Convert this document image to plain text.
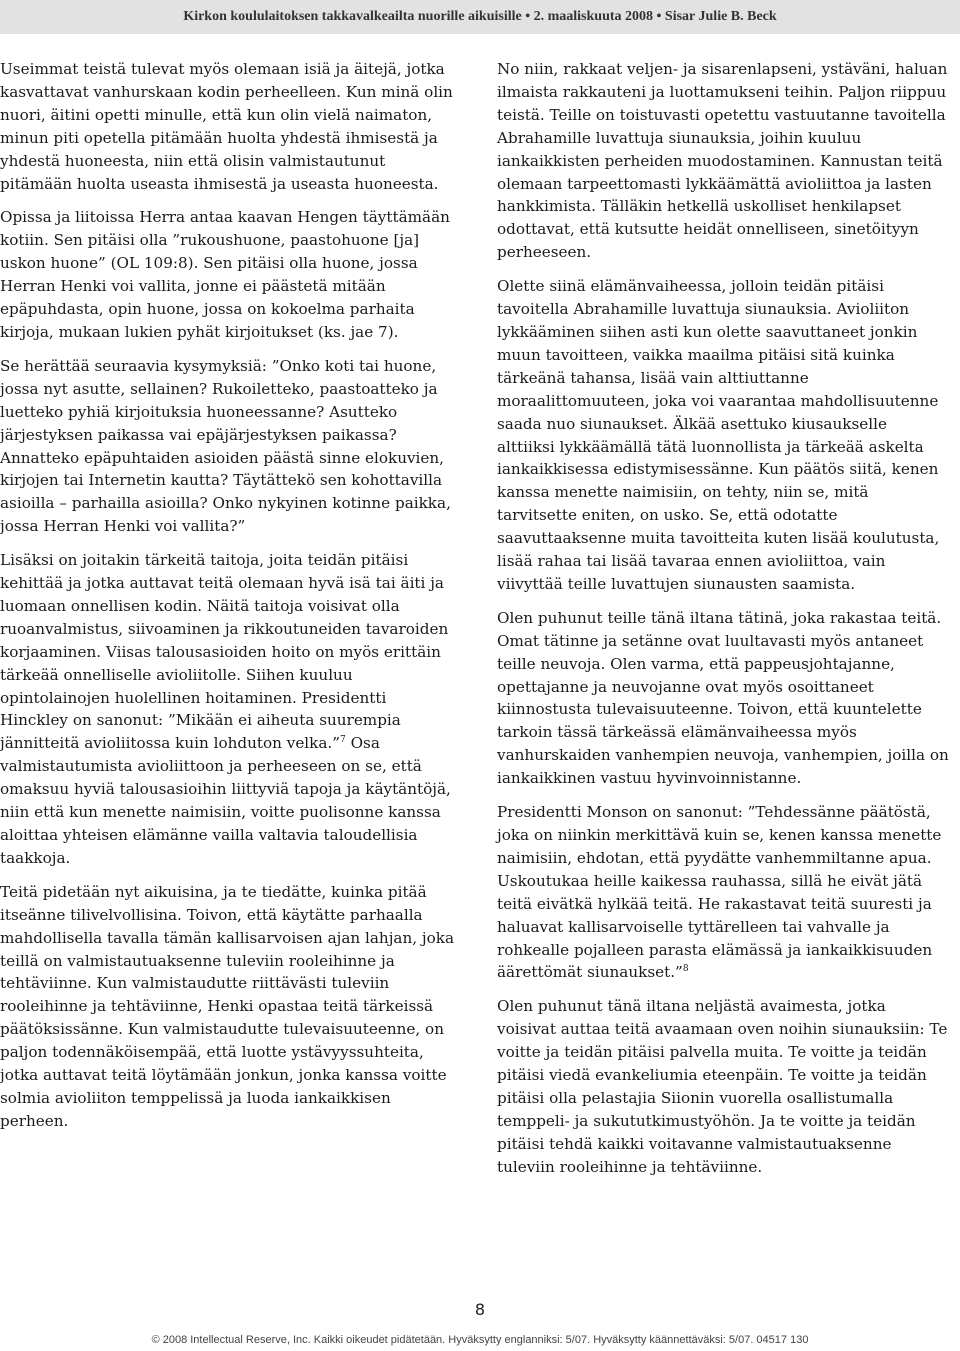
Kirkon koululaitoksen takkavalkeailta nuorille aikuisille • 2. maaliskuuta 2008 • Sisar Julie B. Beck

Useimmat teistä tulevat myös olemaan isiä ja äitejä, jotka kasvattavat vanhurskaan kodin perheelleen. Kun minä olin nuori, äitini opetti minulle, että kun olin vielä naimaton, minun piti opetella pitämään huolta yhdestä ihmisestä ja yhdestä huoneesta, niin että olisin valmistautunut pitämään huolta useasta ihmisestä ja useasta huoneesta.

Opissa ja liitoissa Herra antaa kaavan Hengen täyttämään kotiin. Sen pitäisi olla ”rukoushuone, paastohuone [ja] uskon huone” (OL 109:8). Sen pitäisi olla huone, jossa Herran Henki voi vallita, jonne ei päästetä mitään epäpuhdasta, opin huone, jossa on kokoelma parhaita kirjoja, mukaan lukien pyhät kirjoitukset (ks. jae 7).

Se herättää seuraavia kysymyksiä: ”Onko koti tai huone, jossa nyt asutte, sellainen? Rukoiletteko, paastoatteko ja luetteko pyhiä kirjoituksia huoneessanne? Asutteko järjestyksen paikassa vai epäjärjestyksen paikassa? Annatteko epäpuhtaiden asioiden päästä sinne elokuvien, kirjojen tai Internetin kautta? Täytättekö sen kohottavilla asioilla – parhailla asioilla? Onko nykyinen kotinne paikka, jossa Herran Henki voi vallita?”

Lisäksi on joitakin tärkeitä taitoja, joita teidän pitäisi kehittää ja jotka auttavat teitä olemaan hyvä isä tai äiti ja luomaan onnellisen kodin. Näitä taitoja voisivat olla ruoanvalmistus, siivoaminen ja rikkoutuneiden tavaroiden korjaaminen. Viisas talousasioiden hoito on myös erittäin tärkeää onnelliselle avioliitolle. Siihen kuuluu opintolainojen huolellinen hoitaminen. Presidentti Hinckley on sanonut: ”Mikään ei aiheuta suurempia jännitteitä avioliitossa kuin lohduton velka.”$^7$ Osa valmistautumista avioliittoon ja perheeseen on se, että omaksuu hyviä talousasioihin liittyviä tapoja ja käytäntöjä, niin että kun menette naimisiin, voitte puolisonne kanssa aloittaa yhteisen elämänne vailla valtavia taloudellisia taakkoja.

Teitä pidetään nyt aikuisina, ja te tiedätte, kuinka pitää itseänne tilivelvollisina. Toivon, että käytätte parhaalla mahdollisella tavalla tämän kallisarvoisen ajan lahjan, joka teillä on valmistautuaksenne tuleviin rooleihinne ja tehtäviinne. Kun valmistaudutte riittävästi tuleviin rooleihinne ja tehtäviinne, Henki opastaa teitä tärkeissä päätöksissänne. Kun valmistaudutte tulevaisuuteenne, on paljon todennäköisempää, että luotte ystävyyssuhteita, jotka auttavat teitä löytämään jonkun, jonka kanssa voitte solmia avioliiton temppelissä ja luoda iankaikkisen perheen.

No niin, rakkaat veljen- ja sisarenlapseni, ystäväni, haluan ilmaista rakkauteni ja luottamukseni teihin. Paljon riippuu teistä. Teille on toistuvasti opetettu vastuutanne tavoitella Abrahamille luvattuja siunauksia, joihin kuuluu iankaikkisten perheiden muodostaminen. Kannustan teitä olemaan tarpeettomasti lykkäämättä avioliittoa ja lasten hankkimista. Tälläkin hetkellä uskolliset henkilapset odottavat, että kutsutte heidät onnelliseen, sinetöityyn perheeseen.

Olette siinä elämänvaiheessa, jolloin teidän pitäisi tavoitella Abrahamille luvattuja siunauksia. Avioliiton lykkääminen siihen asti kun olette saavuttaneet jonkin muun tavoitteen, vaikka maailma pitäisi sitä kuinka tärkeänä tahansa, lisää vain alttiuttanne moraalittomuuteen, joka voi vaarantaa mahdollisuutenne saada nuo siunaukset. Älkää asettuko kiusaukselle alttiiksi lykkäämällä tätä luonnollista ja tärkeää askelta iankaikkisessa edistymisessänne. Kun päätös siitä, kenen kanssa menette naimisiin, on tehty, niin se, mitä tarvitsette eniten, on usko. Se, että odotatte saavuttaaksenne muita tavoitteita kuten lisää koulutusta, lisää rahaa tai lisää tavaraa ennen avioliittoa, vain viivyttää teille luvattujen siunausten saamista.

Olen puhunut teille tänä iltana tätinä, joka rakastaa teitä. Omat tätinne ja setänne ovat luultavasti myös antaneet teille neuvoja. Olen varma, että pappeusjohtajanne, opettajanne ja neuvojanne ovat myös osoittaneet kiinnostusta tulevaisuuteenne. Toivon, että kuuntelette tarkoin tässä tärkeässä elämänvaiheessa myös vanhurskaiden vanhempien neuvoja, vanhempien, joilla on iankaikkinen vastuu hyvinvoinnistanne.

Presidentti Monson on sanonut: ”Tehdessänne päätöstä, joka on niinkin merkittävä kuin se, kenen kanssa menette naimisiin, ehdotan, että pyydätte vanhemmiltanne apua. Uskoutukaa heille kaikessa rauhassa, sillä he eivät jätä teitä eivätkä hylkää teitä. He rakastavat teitä suuresti ja haluavat kallisarvoiselle tyttärelleen tai vahvalle ja rohkealle pojalleen parasta elämässä ja iankaikkisuuden äärettömät siunaukset.”$^8$

Olen puhunut tänä iltana neljästä avaimesta, jotka voisivat auttaa teitä avaamaan oven noihin siunauksiin: Te voitte ja teidän pitäisi palvella muita. Te voitte ja teidän pitäisi viedä evankeliumia eteenpäin. Te voitte ja teidän pitäisi olla pelastajia Siionin vuorella osallistumalla temppeli- ja sukututkimustyöhön. Ja te voitte ja teidän pitäisi tehdä kaikki voitavanne valmistautuaksenne tuleviin rooleihinne ja tehtäviinne.

8
© 2008 Intellectual Reserve, Inc. Kaikki oikeudet pidätetään. Hyväksytty englanniksi: 5/07. Hyväksytty käännettäväksi: 5/07. 04517 130
